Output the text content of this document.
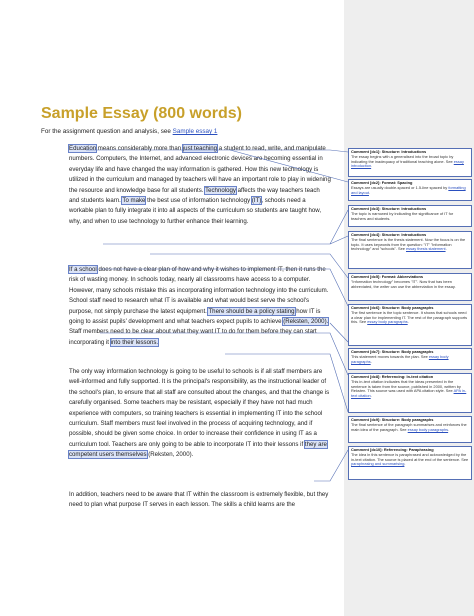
Sample Essay (800 words)
For the assignment question and analysis, see Sample essay 1
Education means considerably more than just teaching a student to read, write, and manipulate numbers. Computers, the Internet, and advanced electronic devices are becoming essential in everyday life and have changed the way information is gathered. How this new technology is utilized in the curriculum and managed by teachers will have an important role to play in widening the resource and knowledge base for all students. Technology affects the way teachers teach and students learn. To make the best use of information technology (IT), schools need a workable plan to fully integrate it into all aspects of the curriculum so students are taught how, why, and when to use technology to further enhance their learning.
If a school does not have a clear plan of how and why it wishes to implement IT, then it runs the risk of wasting money. In schools today, nearly all classrooms have access to a computer. However, many schools mistake this as incorporating information technology into the curriculum. School staff need to research what IT is available and what would best serve the school's purpose, not simply purchase the latest equipment. There should be a policy stating how IT is going to assist pupils' development and what teachers expect pupils to achieve (Reksten, 2000). Staff members need to be clear about what they want IT to do for them before they can start incorporating it into their lessons.
The only way information technology is going to be useful to schools is if all staff members are well-informed and fully supported. It is the principal's responsibility, as the instructional leader of the school's plan, to ensure that all staff are consulted about the changes, and that the change is carefully organised. Some teachers may be resistant, especially if they have not had much experience with computers, so training teachers is essential in implementing IT into the school curriculum. Staff members must feel involved in the process of acquiring technology, and if possible, should be given some choice. In order to increase their confidence in using IT as a curriculum tool. Teachers are only going to be able to incorporate IT into their lessons if they are competent users themselves (Reksten, 2000).
In addition, teachers need to be aware that IT within the classroom is extremely flexible, but they need to plan what purpose IT serves in each lesson. The skills a child learns are the
Comment [dc1]: Structure: Introductions
The essay begins with a generalised into the broad topic by indicating the inadequacy of traditional teaching alone. See essay introduction.
Comment [dc2]: Format: Spacing
Essays are usually double-spaced or 1.5-line spaced by formatting and layout.
Comment [dc3]: Structure: Introductions
The topic is narrowed by indicating the significance of IT for teachers and students.
Comment [dc4]: Structure: Introductions
The final sentence is the thesis statement. Now the focus is on the topic. It uses keywords from the question: "IT" "information technology" and "schools". See essay thesis statement.
Comment [dc5]: Format: Abbreviations
"Information technology" becomes "IT". Now that has been abbreviated, the writer can use the abbreviation in the essay.
Comment [dc6]: Structure: Body paragraphs
The first sentence is the topic sentence. It shows that schools need a clear plan for implementing IT. The rest of the paragraph supports this. See essay body paragraphs.
Comment [dc7]: Structure: Body paragraphs
This statement moves towards the plan. See essay body paragraphs.
Comment [dc8]: Referencing: In-text citation
This in-text citation indicates that the ideas presented in the sentence is taken from the source, published in 2000, written by Reksten. This source was used with APA citation style. See APA in-text citation.
Comment [dc9]: Structure: Body paragraphs
The final sentence of the paragraph summarises and reinforces the main idea of the paragraph. See essay body paragraphs.
Comment [dc10]: Referencing: Paraphrasing
The idea in this sentence is paraphrased and acknowledged by the in-text citation. The source is placed at the end of the sentence. See paraphrasing and summarising.
